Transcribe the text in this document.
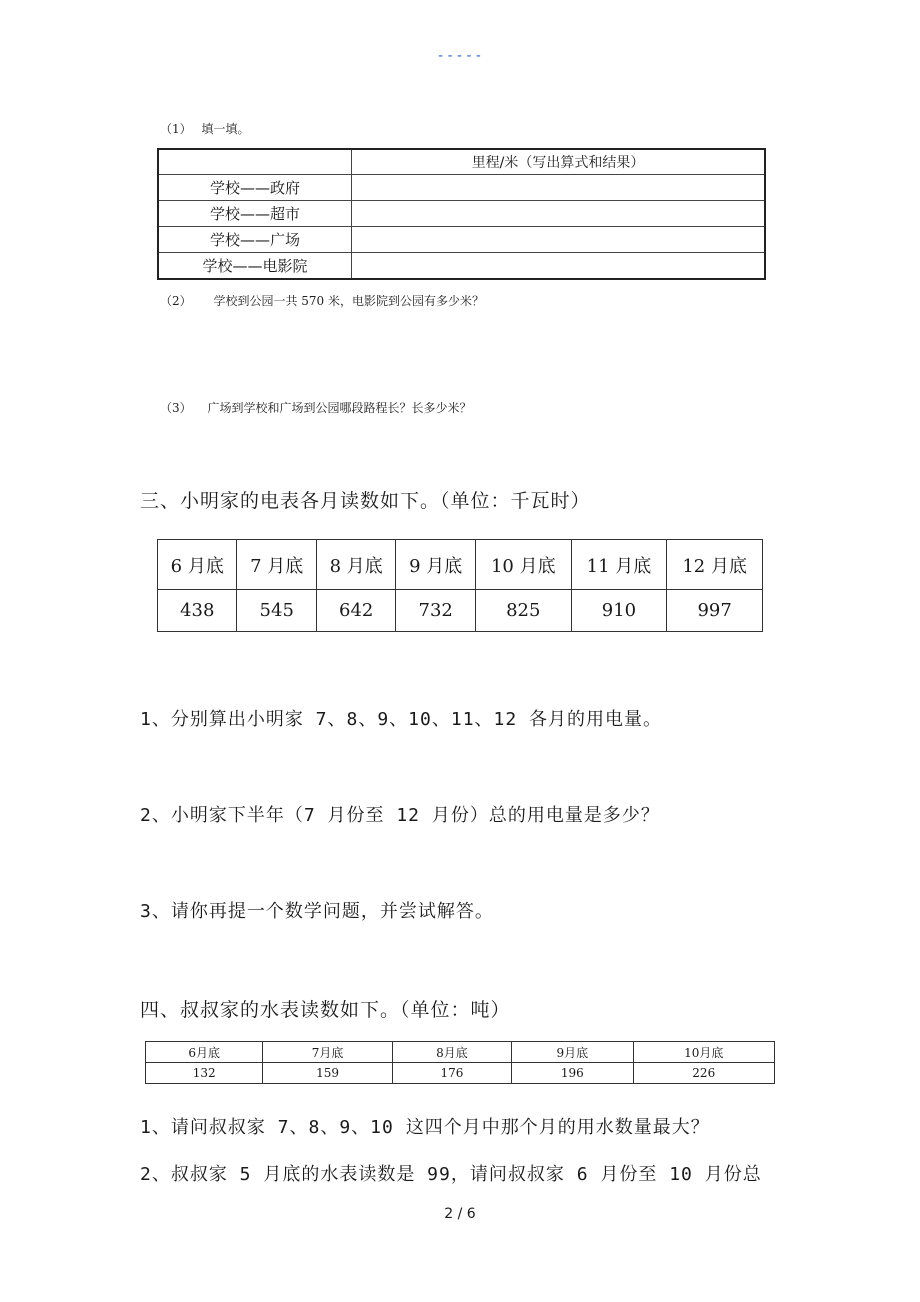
-----
（1） 填一填。
	里程/米（写出算式和结果）
学校——政府	
学校——超市	
学校——广场	
学校——电影院	
（2） 学校到公园一共 570 米，电影院到公园有多少米？
（3） 广场到学校和广场到公园哪段路程长？长多少米？
三、小明家的电表各月读数如下。（单位：千瓦时）
6 月底	7 月底	8 月底	9 月底	10 月底	11 月底	12 月底
438	545	642	732	825	910	997
1、分别算出小明家 7、8、9、10、11、12 各月的用电量。
2、小明家下半年（7 月份至 12 月份）总的用电量是多少？
3、请你再提一个数学问题，并尝试解答。
四、叔叔家的水表读数如下。（单位：吨）
6月底	7月底	8月底	9月底	10月底
132	159	176	196	226
1、请问叔叔家 7、8、9、10 这四个月中那个月的用水数量最大？
2、叔叔家 5 月底的水表读数是 99，请问叔叔家 6 月份至 10 月份总
2 / 6
